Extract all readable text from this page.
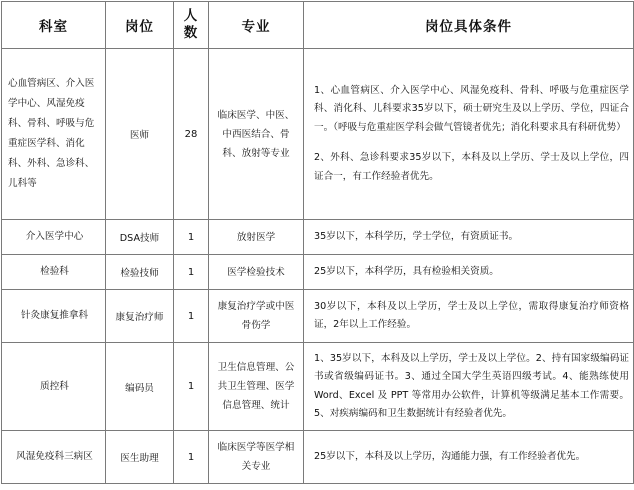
科室	岗位	人数	专业	岗位具体条件
心血管病区、介入医学中心、风湿免疫科、骨科、呼吸与危重症医学科、消化科、外科、急诊科、儿科等	医师	28	临床医学、中医、中西医结合、骨科、放射等专业	1、心血管病区、介入医学中心、风湿免疫科、骨科、呼吸与危重症医学科、消化科、儿科要求35岁以下，硕士研究生及以上学历、学位，四证合一。（呼吸与危重症医学科会做气管镜者优先；消化科要求具有科研优势）

2、外科、急诊科要求35岁以下，本科及以上学历、学士及以上学位，四证合一，有工作经验者优先。

介入医学中心	DSA技师	1	放射医学	35岁以下，本科学历，学士学位，有资质证书。

检验科	检验技师	1	医学检验技术	25岁以下，本科学历，具有检验相关资质。

针灸康复推拿科	康复治疗师	1	康复治疗学或中医骨伤学	30岁以下，本科及以上学历，学士及以上学位，需取得康复治疗师资格证，2年以上工作经验。

质控科	编码员	1	卫生信息管理、公共卫生管理、医学信息管理、统计	1、35岁以下，本科及以上学历，学士及以上学位。2、持有国家级编码证书或省级编码证书。3、通过全国大学生英语四级考试。4、能熟练使用 Word、Excel 及 PPT 等常用办公软件，计算机等级满足基本工作需要。5、对疾病编码和卫生数据统计有经验者优先。

风湿免疫科三病区	医生助理	1	临床医学等医学相关专业	25岁以下，本科及以上学历，沟通能力强，有工作经验者优先。
